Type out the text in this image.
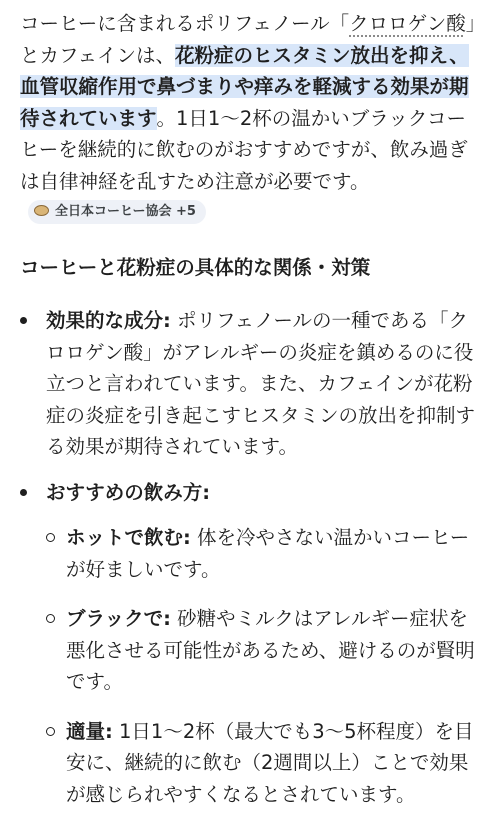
コーヒーに含まれるポリフェノール「クロロゲン酸」とカフェインは、花粉症のヒスタミン放出を抑え、血管収縮作用で鼻づまりや痒みを軽減する効果が期待されています。1日1〜2杯の温かいブラックコーヒーを継続的に飲むのがおすすめですが、飲み過ぎは自律神経を乱すため注意が必要です。全日本コーヒー協会 +5

コーヒーと花粉症の具体的な関係・対策
効果的な成分: ポリフェノールの一種である「クロロゲン酸」がアレルギーの炎症を鎮めるのに役立つと言われています。また、カフェインが花粉症の炎症を引き起こすヒスタミンの放出を抑制する効果が期待されています。
おすすめの飲み方:
ホットで飲む: 体を冷やさない温かいコーヒーが好ましいです。
ブラックで: 砂糖やミルクはアレルギー症状を悪化させる可能性があるため、避けるのが賢明です。
適量: 1日1〜2杯（最大でも3〜5杯程度）を目安に、継続的に飲む（2週間以上）ことで効果が感じられやすくなるとされています。
